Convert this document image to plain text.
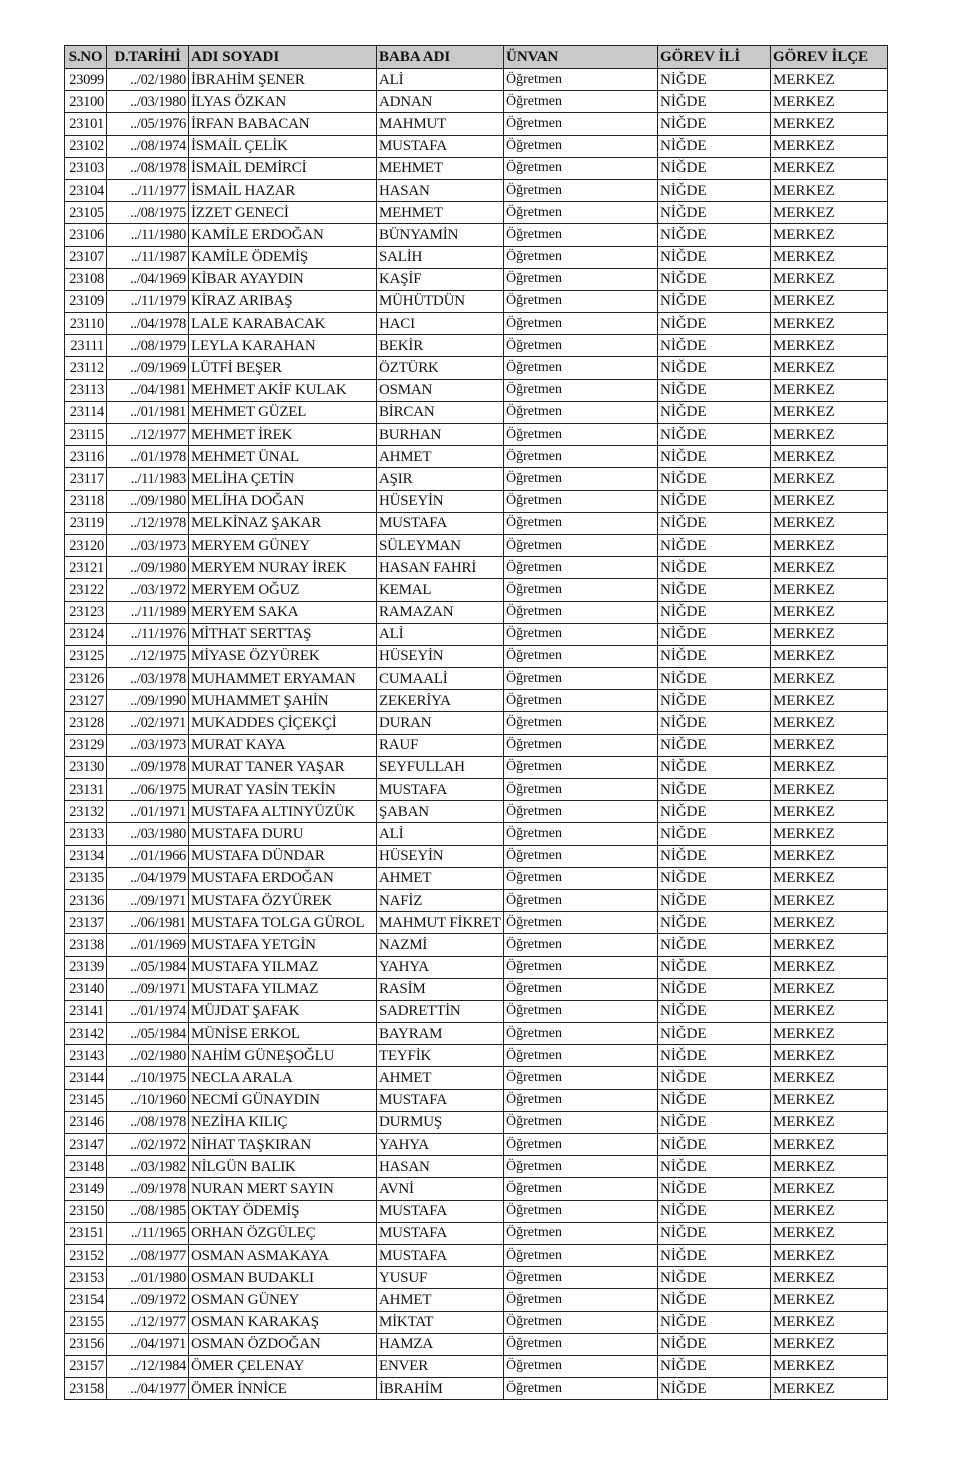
S.NO	D.TARİHİ	ADI SOYADI	BABA ADI	ÜNVAN	GÖREV İLİ	GÖREV İLÇE
23099	../02/1980	İBRAHİM ŞENER	ALİ	Öğretmen	NİĞDE	MERKEZ
23100	../03/1980	İLYAS ÖZKAN	ADNAN	Öğretmen	NİĞDE	MERKEZ
23101	../05/1976	İRFAN BABACAN	MAHMUT	Öğretmen	NİĞDE	MERKEZ
23102	../08/1974	İSMAİL ÇELİK	MUSTAFA	Öğretmen	NİĞDE	MERKEZ
23103	../08/1978	İSMAİL DEMİRCİ	MEHMET	Öğretmen	NİĞDE	MERKEZ
23104	../11/1977	İSMAİL HAZAR	HASAN	Öğretmen	NİĞDE	MERKEZ
23105	../08/1975	İZZET GENECİ	MEHMET	Öğretmen	NİĞDE	MERKEZ
23106	../11/1980	KAMİLE ERDOĞAN	BÜNYAMİN	Öğretmen	NİĞDE	MERKEZ
23107	../11/1987	KAMİLE ÖDEMİŞ	SALİH	Öğretmen	NİĞDE	MERKEZ
23108	../04/1969	KİBAR AYAYDIN	KAŞİF	Öğretmen	NİĞDE	MERKEZ
23109	../11/1979	KİRAZ ARIBAŞ	MÜHÜTDÜN	Öğretmen	NİĞDE	MERKEZ
23110	../04/1978	LALE KARABACAK	HACI	Öğretmen	NİĞDE	MERKEZ
23111	../08/1979	LEYLA KARAHAN	BEKİR	Öğretmen	NİĞDE	MERKEZ
23112	../09/1969	LÜTFİ BEŞER	ÖZTÜRK	Öğretmen	NİĞDE	MERKEZ
23113	../04/1981	MEHMET AKİF KULAK	OSMAN	Öğretmen	NİĞDE	MERKEZ
23114	../01/1981	MEHMET GÜZEL	BİRCAN	Öğretmen	NİĞDE	MERKEZ
23115	../12/1977	MEHMET İREK	BURHAN	Öğretmen	NİĞDE	MERKEZ
23116	../01/1978	MEHMET ÜNAL	AHMET	Öğretmen	NİĞDE	MERKEZ
23117	../11/1983	MELİHA ÇETİN	AŞIR	Öğretmen	NİĞDE	MERKEZ
23118	../09/1980	MELİHA DOĞAN	HÜSEYİN	Öğretmen	NİĞDE	MERKEZ
23119	../12/1978	MELKİNAZ ŞAKAR	MUSTAFA	Öğretmen	NİĞDE	MERKEZ
23120	../03/1973	MERYEM GÜNEY	SÜLEYMAN	Öğretmen	NİĞDE	MERKEZ
23121	../09/1980	MERYEM NURAY İREK	HASAN FAHRİ	Öğretmen	NİĞDE	MERKEZ
23122	../03/1972	MERYEM OĞUZ	KEMAL	Öğretmen	NİĞDE	MERKEZ
23123	../11/1989	MERYEM SAKA	RAMAZAN	Öğretmen	NİĞDE	MERKEZ
23124	../11/1976	MİTHAT SERTTAŞ	ALİ	Öğretmen	NİĞDE	MERKEZ
23125	../12/1975	MİYASE ÖZYÜREK	HÜSEYİN	Öğretmen	NİĞDE	MERKEZ
23126	../03/1978	MUHAMMET ERYAMAN	CUMAALİ	Öğretmen	NİĞDE	MERKEZ
23127	../09/1990	MUHAMMET ŞAHİN	ZEKERİYA	Öğretmen	NİĞDE	MERKEZ
23128	../02/1971	MUKADDES ÇİÇEKÇİ	DURAN	Öğretmen	NİĞDE	MERKEZ
23129	../03/1973	MURAT KAYA	RAUF	Öğretmen	NİĞDE	MERKEZ
23130	../09/1978	MURAT TANER YAŞAR	SEYFULLAH	Öğretmen	NİĞDE	MERKEZ
23131	../06/1975	MURAT YASİN TEKİN	MUSTAFA	Öğretmen	NİĞDE	MERKEZ
23132	../01/1971	MUSTAFA ALTINYÜZÜK	ŞABAN	Öğretmen	NİĞDE	MERKEZ
23133	../03/1980	MUSTAFA DURU	ALİ	Öğretmen	NİĞDE	MERKEZ
23134	../01/1966	MUSTAFA DÜNDAR	HÜSEYİN	Öğretmen	NİĞDE	MERKEZ
23135	../04/1979	MUSTAFA ERDOĞAN	AHMET	Öğretmen	NİĞDE	MERKEZ
23136	../09/1971	MUSTAFA ÖZYÜREK	NAFİZ	Öğretmen	NİĞDE	MERKEZ
23137	../06/1981	MUSTAFA TOLGA GÜROL	MAHMUT FİKRET	Öğretmen	NİĞDE	MERKEZ
23138	../01/1969	MUSTAFA YETGİN	NAZMİ	Öğretmen	NİĞDE	MERKEZ
23139	../05/1984	MUSTAFA YILMAZ	YAHYA	Öğretmen	NİĞDE	MERKEZ
23140	../09/1971	MUSTAFA YILMAZ	RASİM	Öğretmen	NİĞDE	MERKEZ
23141	../01/1974	MÜJDAT ŞAFAK	SADRETTİN	Öğretmen	NİĞDE	MERKEZ
23142	../05/1984	MÜNİSE ERKOL	BAYRAM	Öğretmen	NİĞDE	MERKEZ
23143	../02/1980	NAHİM GÜNEŞOĞLU	TEYFİK	Öğretmen	NİĞDE	MERKEZ
23144	../10/1975	NECLA ARALA	AHMET	Öğretmen	NİĞDE	MERKEZ
23145	../10/1960	NECMİ GÜNAYDIN	MUSTAFA	Öğretmen	NİĞDE	MERKEZ
23146	../08/1978	NEZİHA KILIÇ	DURMUŞ	Öğretmen	NİĞDE	MERKEZ
23147	../02/1972	NİHAT TAŞKIRAN	YAHYA	Öğretmen	NİĞDE	MERKEZ
23148	../03/1982	NİLGÜN BALIK	HASAN	Öğretmen	NİĞDE	MERKEZ
23149	../09/1978	NURAN MERT SAYIN	AVNİ	Öğretmen	NİĞDE	MERKEZ
23150	../08/1985	OKTAY ÖDEMİŞ	MUSTAFA	Öğretmen	NİĞDE	MERKEZ
23151	../11/1965	ORHAN ÖZGÜLEÇ	MUSTAFA	Öğretmen	NİĞDE	MERKEZ
23152	../08/1977	OSMAN ASMAKAYA	MUSTAFA	Öğretmen	NİĞDE	MERKEZ
23153	../01/1980	OSMAN BUDAKLI	YUSUF	Öğretmen	NİĞDE	MERKEZ
23154	../09/1972	OSMAN GÜNEY	AHMET	Öğretmen	NİĞDE	MERKEZ
23155	../12/1977	OSMAN KARAKAŞ	MİKTAT	Öğretmen	NİĞDE	MERKEZ
23156	../04/1971	OSMAN ÖZDOĞAN	HAMZA	Öğretmen	NİĞDE	MERKEZ
23157	../12/1984	ÖMER ÇELENAY	ENVER	Öğretmen	NİĞDE	MERKEZ
23158	../04/1977	ÖMER İNNİCE	İBRAHİM	Öğretmen	NİĞDE	MERKEZ
